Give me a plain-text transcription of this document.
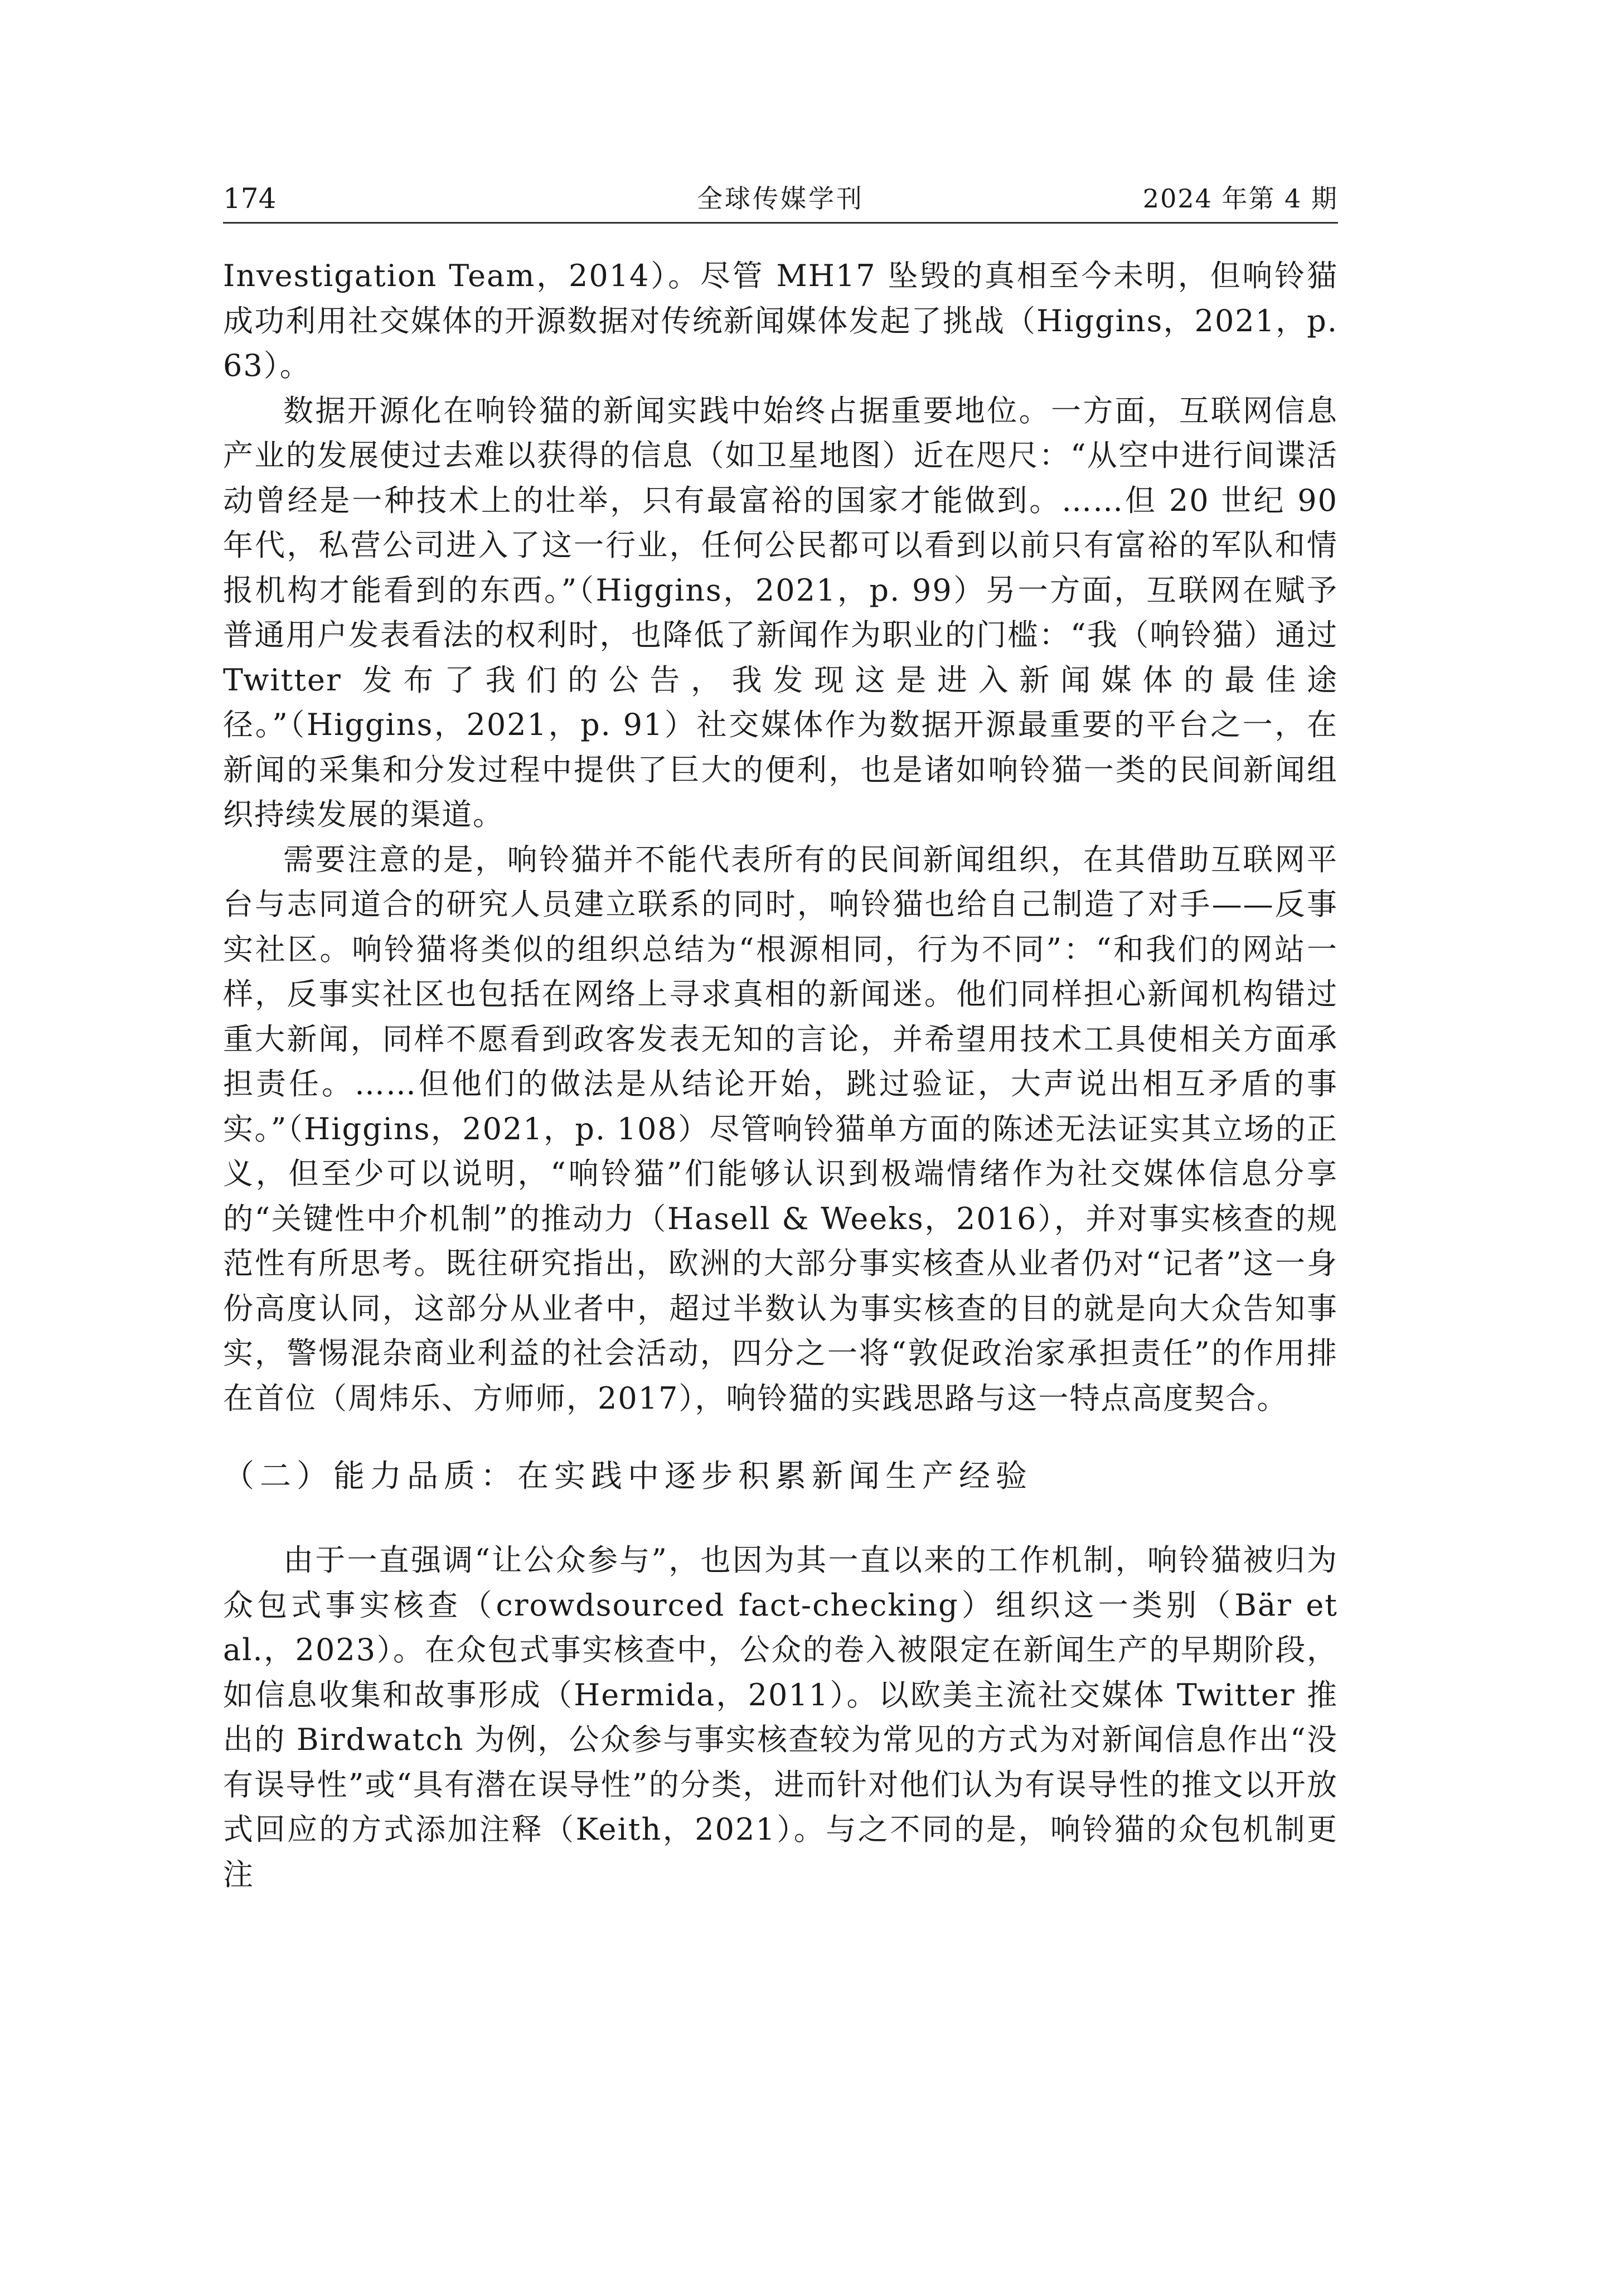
174	全球传媒学刊	2024 年第 4 期

Investigation Team，2014）。尽管 MH17 坠毁的真相至今未明，但响铃猫成功利用社交媒体的开源数据对传统新闻媒体发起了挑战（Higgins，2021，p. 63）。

数据开源化在响铃猫的新闻实践中始终占据重要地位。一方面，互联网信息产业的发展使过去难以获得的信息（如卫星地图）近在咫尺：“从空中进行间谍活动曾经是一种技术上的壮举，只有最富裕的国家才能做到。……但 20 世纪 90 年代，私营公司进入了这一行业，任何公民都可以看到以前只有富裕的军队和情报机构才能看到的东西。”（Higgins，2021，p. 99）另一方面，互联网在赋予普通用户发表看法的权利时，也降低了新闻作为职业的门槛：“我（响铃猫）通过 Twitter 发布了我们的公告，我发现这是进入新闻媒体的最佳途径。”（Higgins，2021，p. 91）社交媒体作为数据开源最重要的平台之一，在新闻的采集和分发过程中提供了巨大的便利，也是诸如响铃猫一类的民间新闻组织持续发展的渠道。

需要注意的是，响铃猫并不能代表所有的民间新闻组织，在其借助互联网平台与志同道合的研究人员建立联系的同时，响铃猫也给自己制造了对手——反事实社区。响铃猫将类似的组织总结为“根源相同，行为不同”：“和我们的网站一样，反事实社区也包括在网络上寻求真相的新闻迷。他们同样担心新闻机构错过重大新闻，同样不愿看到政客发表无知的言论，并希望用技术工具使相关方面承担责任。……但他们的做法是从结论开始，跳过验证，大声说出相互矛盾的事实。”（Higgins，2021，p. 108）尽管响铃猫单方面的陈述无法证实其立场的正义，但至少可以说明，“响铃猫”们能够认识到极端情绪作为社交媒体信息分享的“关键性中介机制”的推动力（Hasell & Weeks，2016），并对事实核查的规范性有所思考。既往研究指出，欧洲的大部分事实核查从业者仍对“记者”这一身份高度认同，这部分从业者中，超过半数认为事实核查的目的就是向大众告知事实，警惕混杂商业利益的社会活动，四分之一将“敦促政治家承担责任”的作用排在首位（周炜乐、方师师，2017），响铃猫的实践思路与这一特点高度契合。

（二）能力品质：在实践中逐步积累新闻生产经验

由于一直强调“让公众参与”，也因为其一直以来的工作机制，响铃猫被归为众包式事实核查（crowdsourced fact-checking）组织这一类别（Bär et al.，2023）。在众包式事实核查中，公众的卷入被限定在新闻生产的早期阶段，如信息收集和故事形成（Hermida，2011）。以欧美主流社交媒体 Twitter 推出的 Birdwatch 为例，公众参与事实核查较为常见的方式为对新闻信息作出“没有误导性”或“具有潜在误导性”的分类，进而针对他们认为有误导性的推文以开放式回应的方式添加注释（Keith，2021）。与之不同的是，响铃猫的众包机制更注
